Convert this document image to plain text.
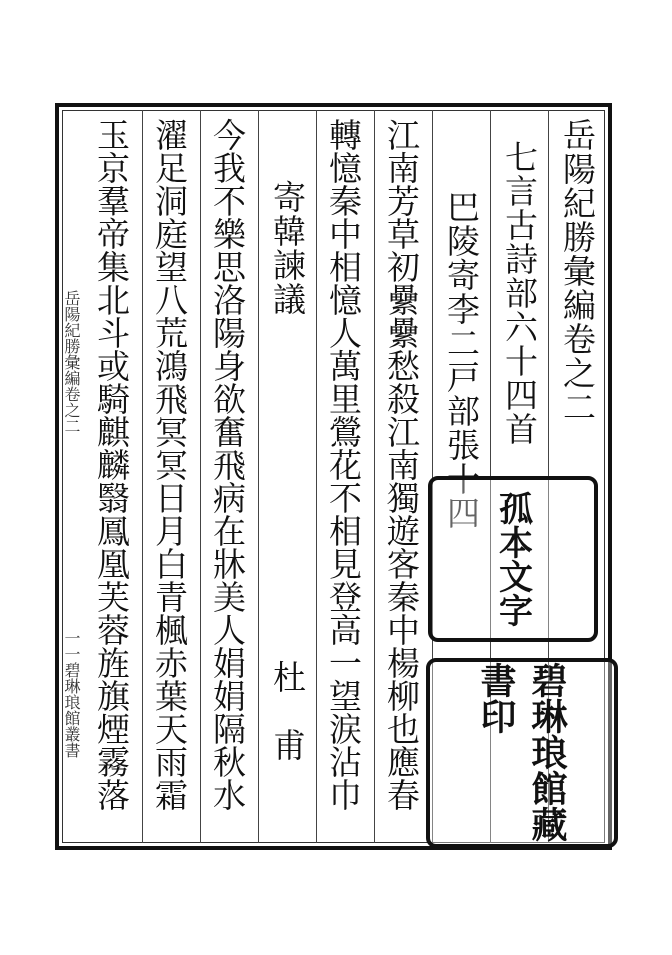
岳陽紀勝彙編卷之二
七言古詩部六十四首
巴陵寄李二戸部張十四
江南芳草初纍纍愁殺江南獨遊客秦中楊柳也應春
轉憶秦中相憶人萬里鶯花不相見登高一望涙沾巾
寄韓諫議
杜　甫
今我不樂思洛陽身欲奮飛病在牀美人娟娟隔秋水
濯足洞庭望八荒鴻飛冥冥日月白青楓赤葉天雨霜
玉京羣帝集北斗或騎麒麟翳鳳凰芙蓉旌旗煙霧落
岳陽紀勝彙編卷之二
一一碧琳琅館叢書
孤本文字
碧琳琅館藏書印
